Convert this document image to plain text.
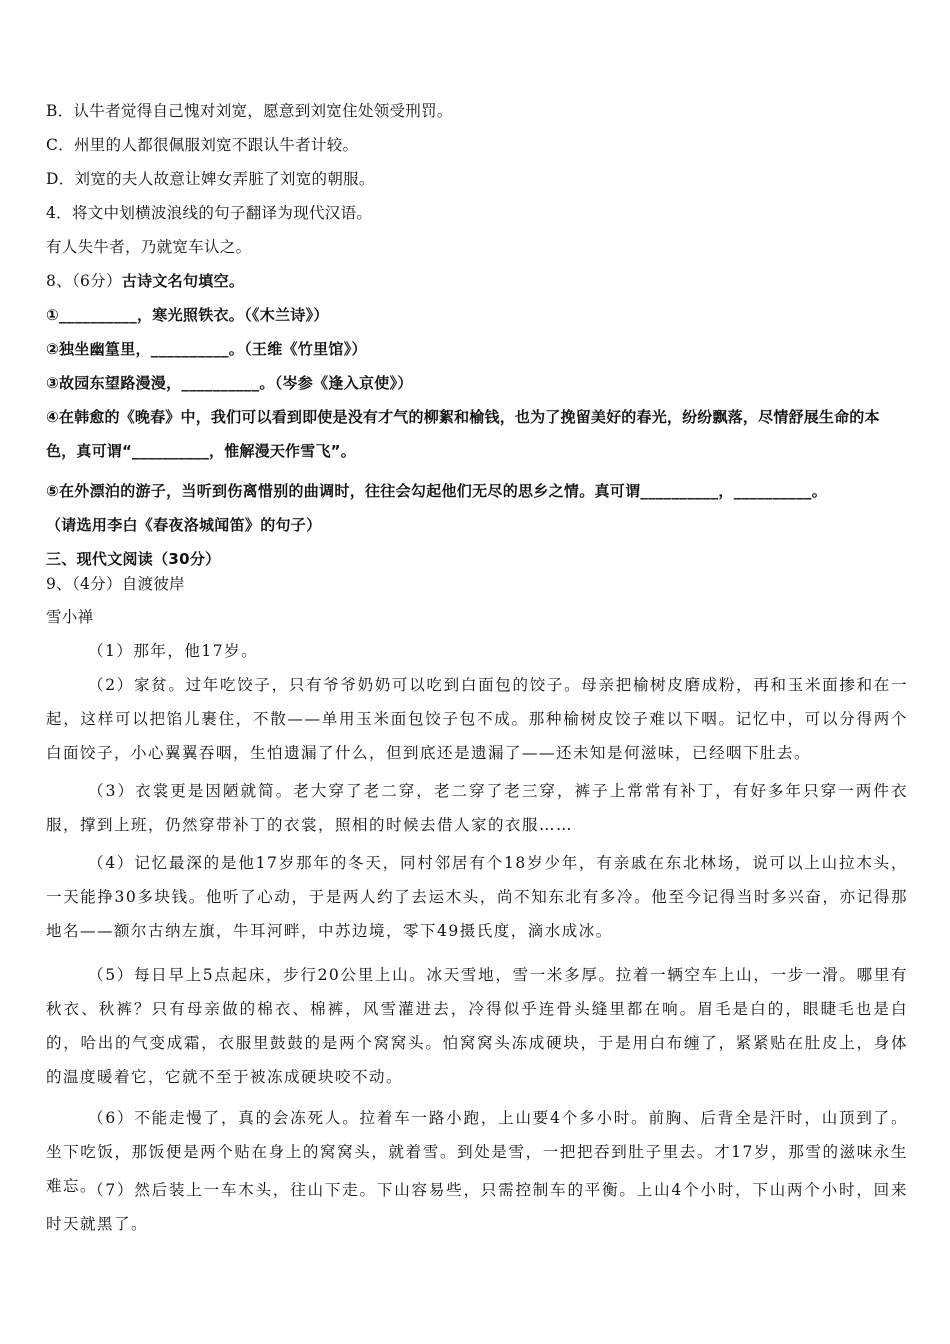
B．认牛者觉得自己愧对刘宽，愿意到刘宽住处领受刑罚。
C．州里的人都很佩服刘宽不跟认牛者计较。
D．刘宽的夫人故意让婢女弄脏了刘宽的朝服。
4．将文中划横波浪线的句子翻译为现代汉语。
有人失牛者，乃就宽车认之。
8、（6分）古诗文名句填空。
①__________，寒光照铁衣。（《木兰诗》）
②独坐幽篁里，__________。（王维《竹里馆》）
③故园东望路漫漫，__________。（岑参《逢入京使》）
④在韩愈的《晚春》中，我们可以看到即使是没有才气的柳絮和榆钱，也为了挽留美好的春光，纷纷飘落，尽情舒展生命的本色，真可谓“__________，惟解漫天作雪飞”。
⑤在外漂泊的游子，当听到伤离惜别的曲调时，往往会勾起他们无尽的思乡之情。真可谓__________，__________。
（请选用李白《春夜洛城闻笛》的句子）
三、现代文阅读（30分）
9、（4分）自渡彼岸
雪小禅
（1）那年，他17岁。
（2）家贫。过年吃饺子，只有爷爷奶奶可以吃到白面包的饺子。母亲把榆树皮磨成粉，再和玉米面掺和在一起，这样可以把馅儿裹住，不散——单用玉米面包饺子包不成。那种榆树皮饺子难以下咽。记忆中，可以分得两个白面饺子，小心翼翼吞咽，生怕遗漏了什么，但到底还是遗漏了——还未知是何滋味，已经咽下肚去。
（3）衣裳更是因陋就简。老大穿了老二穿，老二穿了老三穿，裤子上常常有补丁，有好多年只穿一两件衣服，撑到上班，仍然穿带补丁的衣裳，照相的时候去借人家的衣服……
（4）记忆最深的是他17岁那年的冬天，同村邻居有个18岁少年，有亲戚在东北林场，说可以上山拉木头，一天能挣30多块钱。他听了心动，于是两人约了去运木头，尚不知东北有多冷。他至今记得当时多兴奋，亦记得那地名——额尔古纳左旗，牛耳河畔，中苏边境，零下49摄氏度，滴水成冰。
（5）每日早上5点起床，步行20公里上山。冰天雪地，雪一米多厚。拉着一辆空车上山，一步一滑。哪里有秋衣、秋裤？只有母亲做的棉衣、棉裤，风雪灌进去，冷得似乎连骨头缝里都在响。眉毛是白的，眼睫毛也是白的，哈出的气变成霜，衣服里鼓鼓的是两个窝窝头。怕窝窝头冻成硬块，于是用白布缠了，紧紧贴在肚皮上，身体的温度暖着它，它就不至于被冻成硬块咬不动。
（6）不能走慢了，真的会冻死人。拉着车一路小跑，上山要4个多小时。前胸、后背全是汗时，山顶到了。坐下吃饭，那饭便是两个贴在身上的窝窝头，就着雪。到处是雪，一把把吞到肚子里去。才17岁，那雪的滋味永生难忘。
（7）然后装上一车木头，往山下走。下山容易些，只需控制车的平衡。上山4个小时，下山两个小时，回来时天就黑了。
